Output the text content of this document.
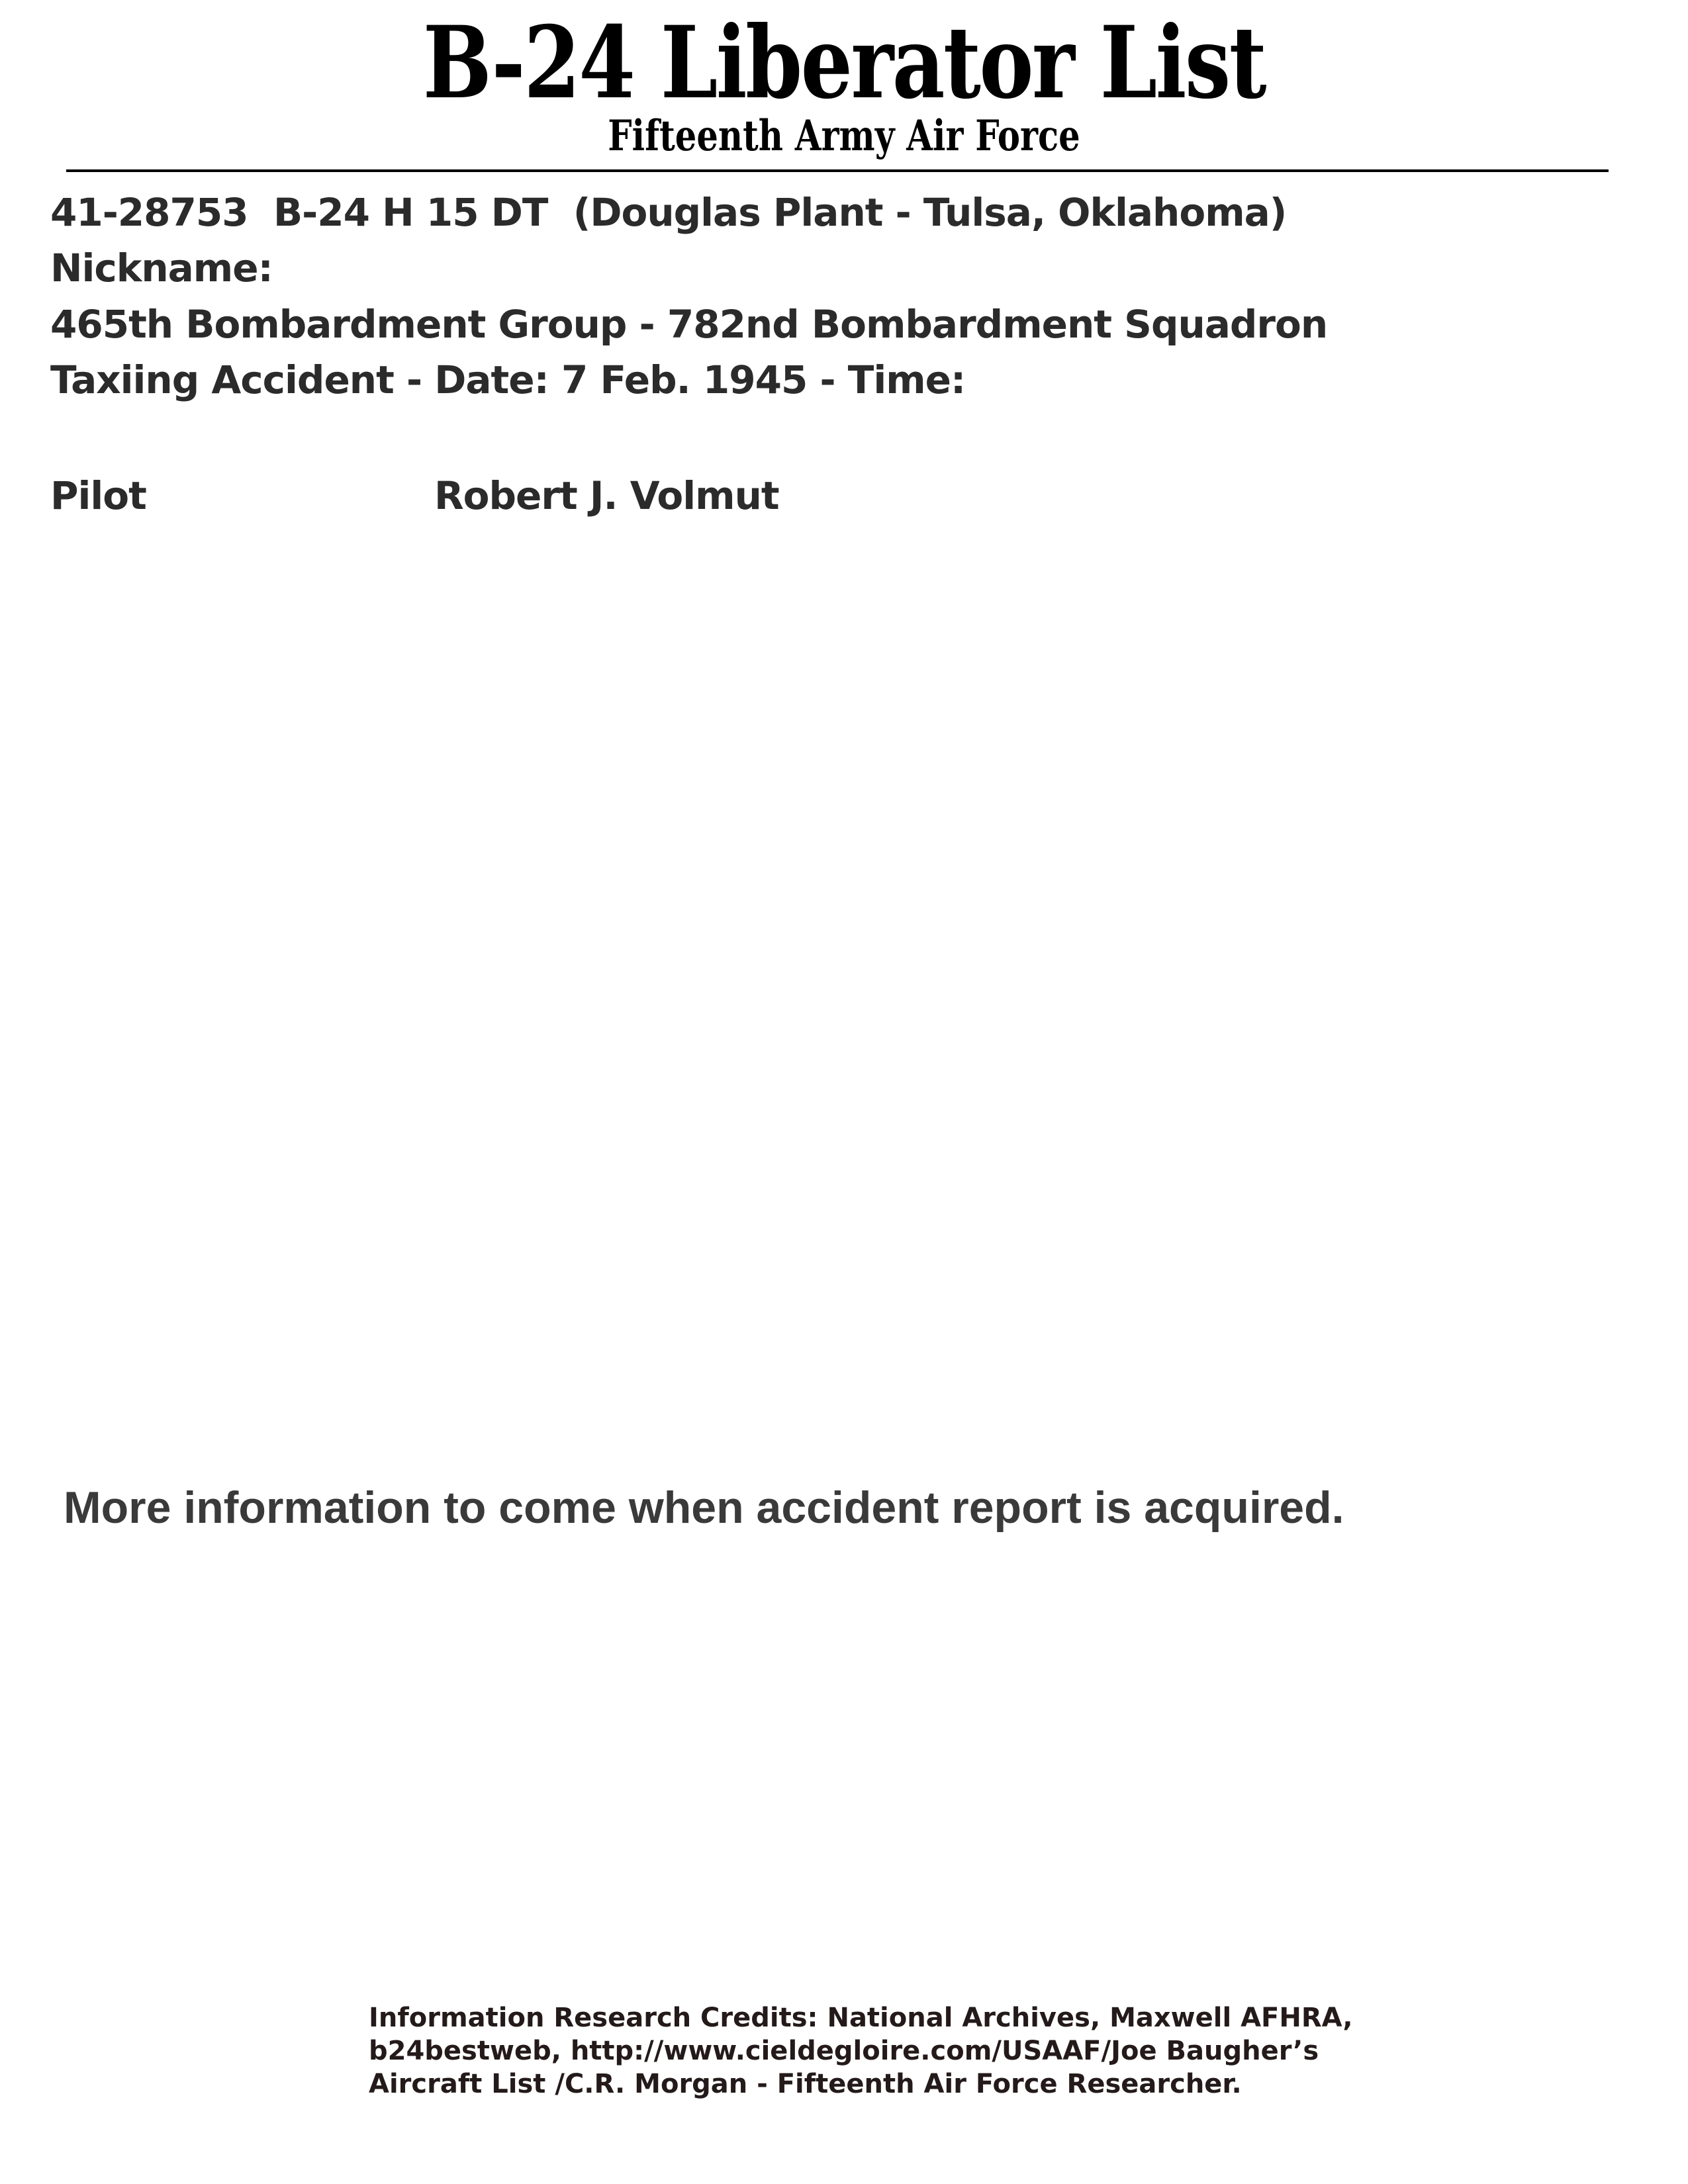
B-24 Liberator List
Fifteenth Army Air Force
41-28753  B-24 H 15 DT  (Douglas Plant - Tulsa, Oklahoma)
Nickname:
465th Bombardment Group - 782nd Bombardment Squadron
Taxiing Accident - Date: 7 Feb. 1945 - Time:
Pilot	Robert J. Volmut
More information to come when accident report is acquired.
Information Research Credits: National Archives, Maxwell AFHRA,
b24bestweb, http://www.cieldegloire.com/USAAF/Joe Baugher’s
Aircraft List /C.R. Morgan - Fifteenth Air Force Researcher.
